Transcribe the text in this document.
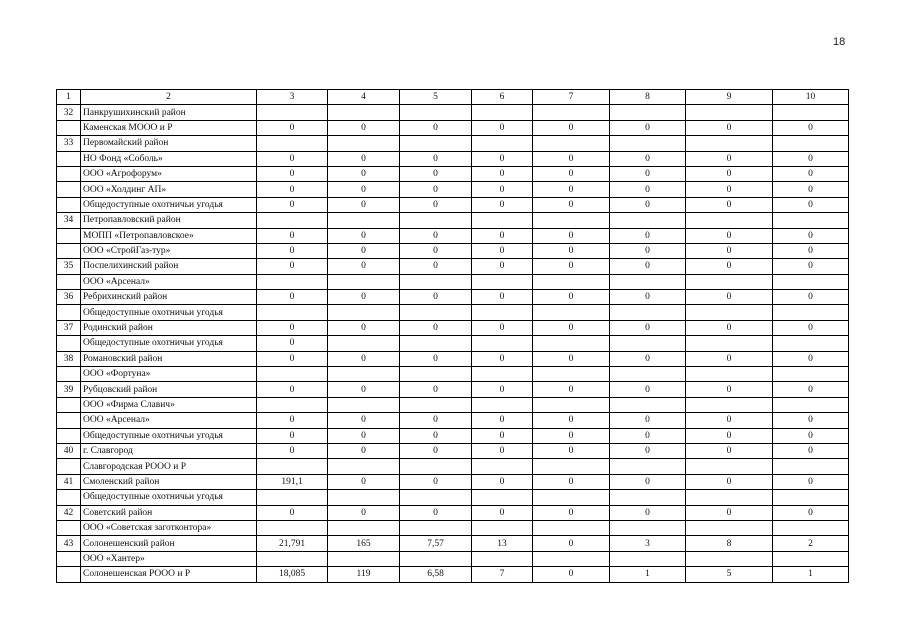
18
1	2	3	4	5	6	7	8	9	10
32	Панкрушихинский район								
	Каменская МООО и Р	0	0	0	0	0	0	0	0
33	Первомайский район								
	НО Фонд «Соболь»	0	0	0	0	0	0	0	0
	ООО «Агрофорум»	0	0	0	0	0	0	0	0
	ООО «Холдинг АП»	0	0	0	0	0	0	0	0
	Общедоступные охотничьи угодья	0	0	0	0	0	0	0	0
34	Петропавловский район								
	МОПП «Петропавловское»	0	0	0	0	0	0	0	0
	ООО «СтройГаз-тур»	0	0	0	0	0	0	0	0
35	Поспелихинский район	0	0	0	0	0	0	0	0
	ООО «Арсенал»								
36	Ребрихинский район	0	0	0	0	0	0	0	0
	Общедоступные охотничьи угодья								
37	Родинский район	0	0	0	0	0	0	0	0
	Общедоступные охотничьи угодья	0							
38	Романовский район	0	0	0	0	0	0	0	0
	ООО «Фортуна»								
39	Рубцовский район	0	0	0	0	0	0	0	0
	ООО «Фирма Славич»								
	ООО «Арсенал»	0	0	0	0	0	0	0	0
	Общедоступные охотничьи угодья	0	0	0	0	0	0	0	0
40	г. Славгород	0	0	0	0	0	0	0	0
	Славгородская РООО и Р								
41	Смоленский район	191,1	0	0	0	0	0	0	0
	Общедоступные охотничьи угодья								
42	Советский район	0	0	0	0	0	0	0	0
	ООО «Советская заготконтора»								
43	Солонешенский район	21,791	165	7,57	13	0	3	8	2
	ООО «Хантер»								
	Солонешенская РООО и Р	18,085	119	6,58	7	0	1	5	1
